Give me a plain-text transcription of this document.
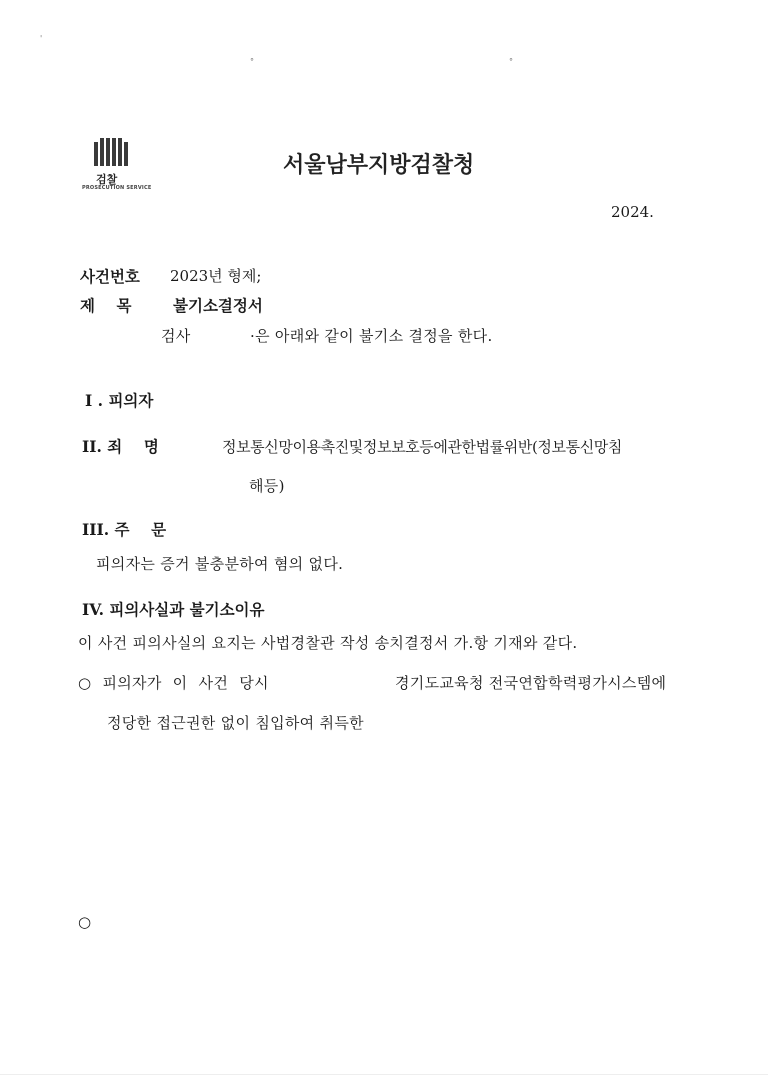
°	°
'
검찰
PROSECUTION SERVICE
서울남부지방검찰청
2024.
사건번호 2023년 형제;
제    목	불기소결정서
검사	·은 아래와 같이 불기소 결정을 한다.
I . 피의자
II. 죄    명	정보통신망이용촉진및정보보호등에관한법률위반(정보통신망침
해등)
III. 주    문
피의자는 증거 불충분하여 혐의 없다.
IV. 피의사실과 불기소이유
이 사건 피의사실의 요지는 사법경찰관 작성 송치결정서 가.항 기재와 같다.
○ 피의자가 이 사건 당시	경기도교육청 전국연합학력평가시스템에
정당한 접근권한 없이 침입하여 취득한
○
